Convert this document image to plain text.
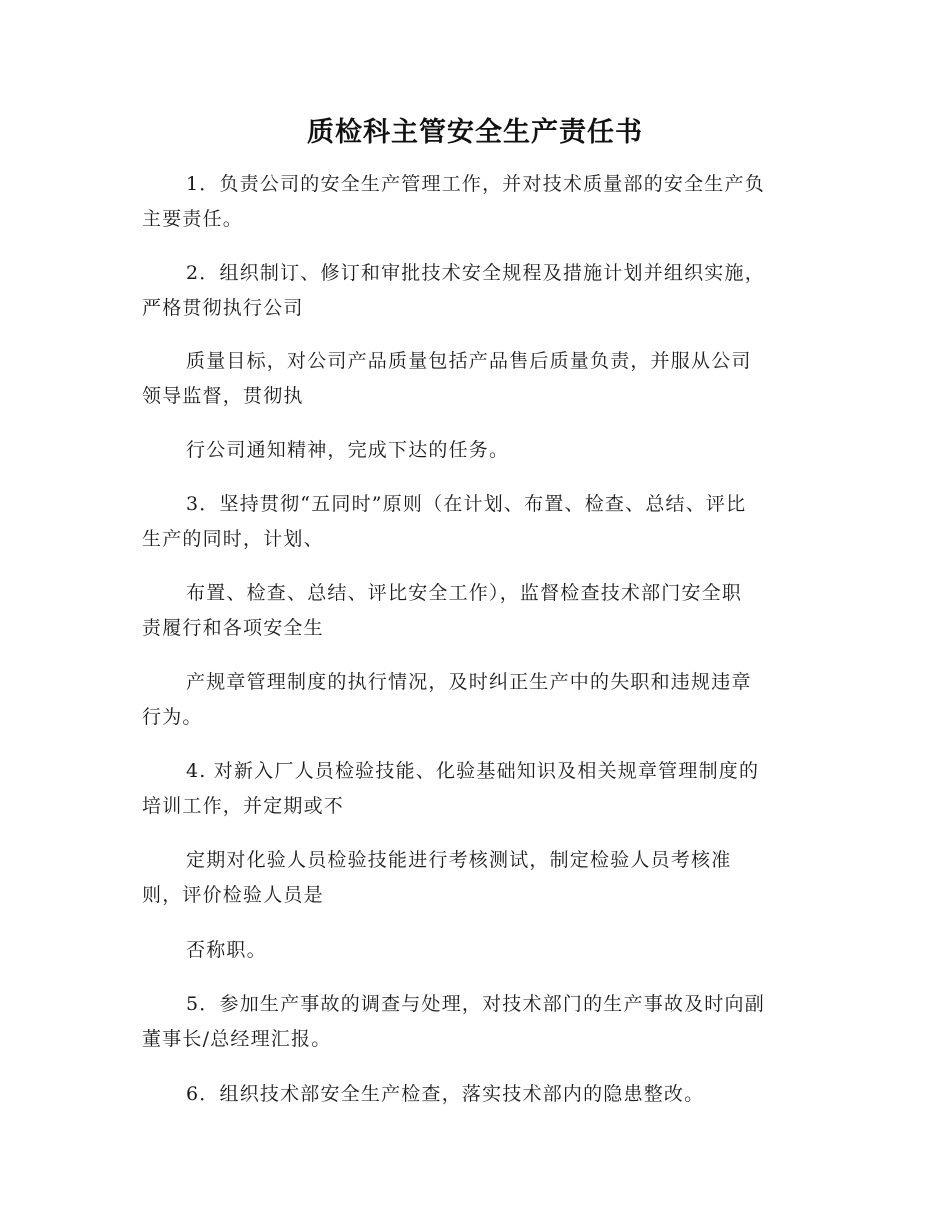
质检科主管安全生产责任书
1．负责公司的安全生产管理工作，并对技术质量部的安全生产负
主要责任。
2．组织制订、修订和审批技术安全规程及措施计划并组织实施，
严格贯彻执行公司
质量目标，对公司产品质量包括产品售后质量负责，并服从公司
领导监督，贯彻执
行公司通知精神，完成下达的任务。
3．坚持贯彻“五同时”原则（在计划、布置、检查、总结、评比
生产的同时，计划、
布置、检查、总结、评比安全工作），监督检查技术部门安全职
责履行和各项安全生
产规章管理制度的执行情况，及时纠正生产中的失职和违规违章
行为。
4. 对新入厂人员检验技能、化验基础知识及相关规章管理制度的
培训工作，并定期或不
定期对化验人员检验技能进行考核测试，制定检验人员考核准
则，评价检验人员是
否称职。
5．参加生产事故的调查与处理，对技术部门的生产事故及时向副
董事长/总经理汇报。
6．组织技术部安全生产检查，落实技术部内的隐患整改。
